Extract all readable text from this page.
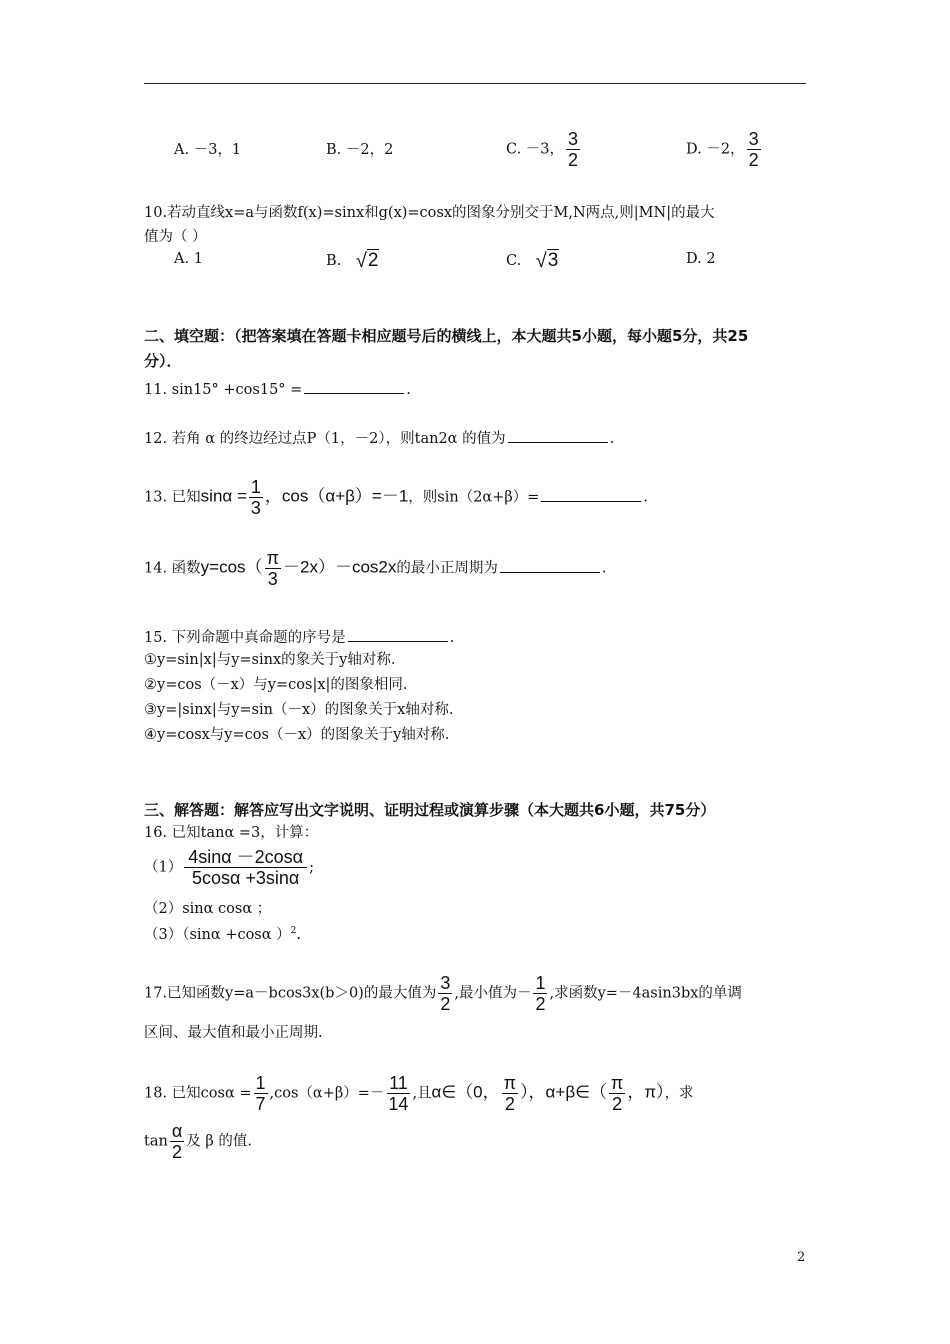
A. －3，1	B. －2，2	C. －3， $\frac{3}{2}$	D. －2， $\frac{3}{2}$
10.若动直线x=a与函数f(x)=sinx和g(x)=cosx的图象分别交于M,N两点,则|MN|的最大
值为（ ）
A. 1	B. √ 2	C. √ 3	D. 2
二、填空题：（把答案填在答题卡相应题号后的横线上，本大题共5小题，每小题5分，共25
分）．
11. sin15° +cos15° =	.
12. 若角 α 的终边经过点P（1，－2），则tan2α 的值为	.
13. 已知$\sin\alpha = \frac{1}{3}$ ，cos（α+β）=－1，则sin（2α+β）=	.
14. 函数$y=\cos( \frac{\pi}{3} -2x)-\cos 2x$的最小正周期为	.
15. 下列命题中真命题的序号是	.
①y=sin|x|与y=sinx的象关于y轴对称.
②y=cos（－x）与y=cos|x|的图象相同.
③y=|sinx|与y=sin（－x）的图象关于x轴对称.
④y=cosx与y=cos（－x）的图象关于y轴对称.
三、解答题：解答应写出文字说明、证明过程或演算步骤（本大题共6小题，共75分）
16. 已知tanα =3，计算：
$(1) \frac{4\sin\alpha -2\cos\alpha}{5\cos\alpha +3\sin\alpha}$ ;
（2）sinα cosα ；
（3）（sinα +cosα ）$^2$.
17.已知函数y=a－bcos3x(b＞0)的最大值为 $\frac{3}{2}$ ,最小值为－ $\frac{1}{2}$ ,求函数y=－4asin3bx的单调
区间、最大值和最小正周期.
18. 已知$\cos\alpha = \frac{1}{7} ,\cos(\alpha+\beta)=- \frac{11}{14}$ ,且α∈（0， $\frac{\pi}{2}$ ），α+β∈（ $\frac{\pi}{2}$ ，π），求
$\tan \frac{\alpha}{2}$ 及 β 的值.
2
